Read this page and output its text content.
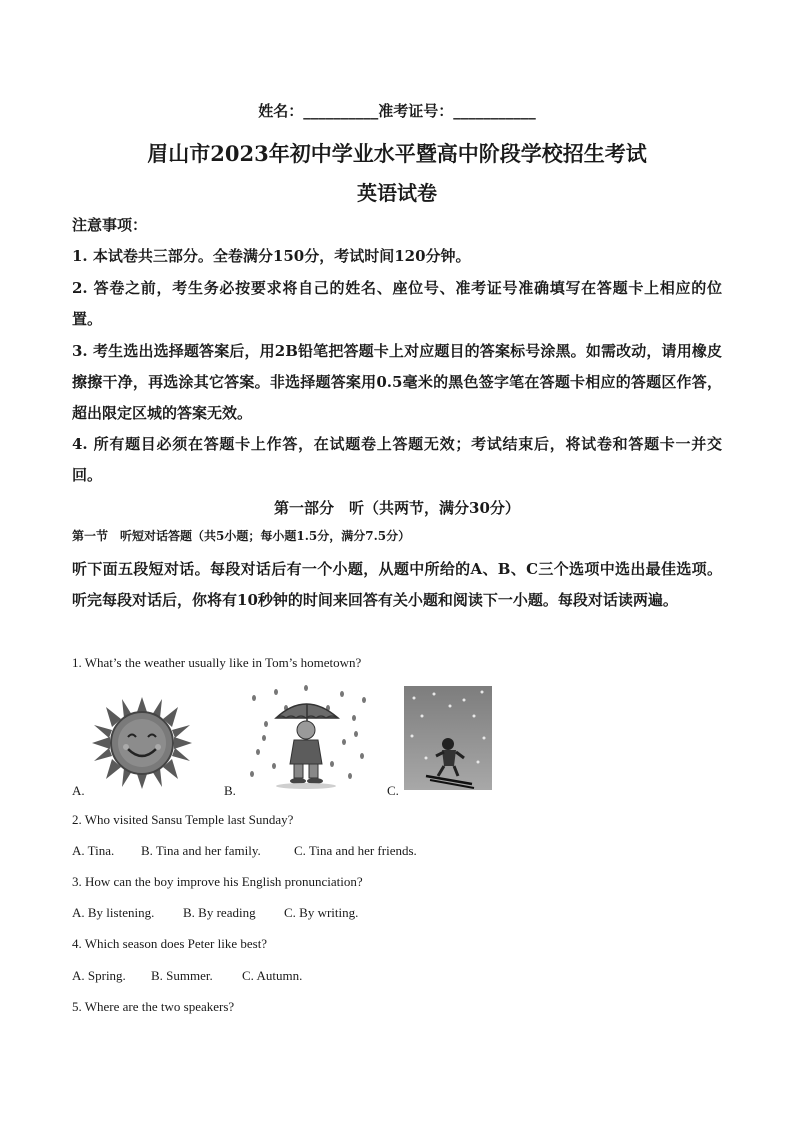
姓名：__________准考证号：___________
眉山市2023年初中学业水平暨高中阶段学校招生考试
英语试卷
注意事项：
1. 本试卷共三部分。全卷满分150分，考试时间120分钟。
2. 答卷之前，考生务必按要求将自己的姓名、座位号、准考证号准确填写在答题卡上相应的位置。
3. 考生选出选择题答案后，用2B铅笔把答题卡上对应题目的答案标号涂黑。如需改动，请用橡皮擦擦干净，再选涂其它答案。非选择题答案用0.5毫米的黑色签字笔在答题卡相应的答题区作答，超出限定区城的答案无效。
4. 所有题目必须在答题卡上作答，在试题卷上答题无效；考试结束后，将试卷和答题卡一并交回。
第一部分　听（共两节，满分30分）
第一节　听短对话答题（共5小题；每小题1.5分，满分7.5分）
听下面五段短对话。每段对话后有一个小题，从题中所给的A、B、C三个选项中选出最佳选项。听完每段对话后，你将有10秒钟的时间来回答有关小题和阅读下一小题。每段对话读两遍。
1. What’s the weather usually like in Tom’s hometown?
A.	B.	C.
2. Who visited Sansu Temple last Sunday?
A. Tina. B. Tina and her family.	C. Tina and her friends.
3. How can the boy improve his English pronunciation?
A. By listening. B. By reading C. By writing.
4. Which season does Peter like best?
A. Spring. B. Summer. C. Autumn.
5. Where are the two speakers?
